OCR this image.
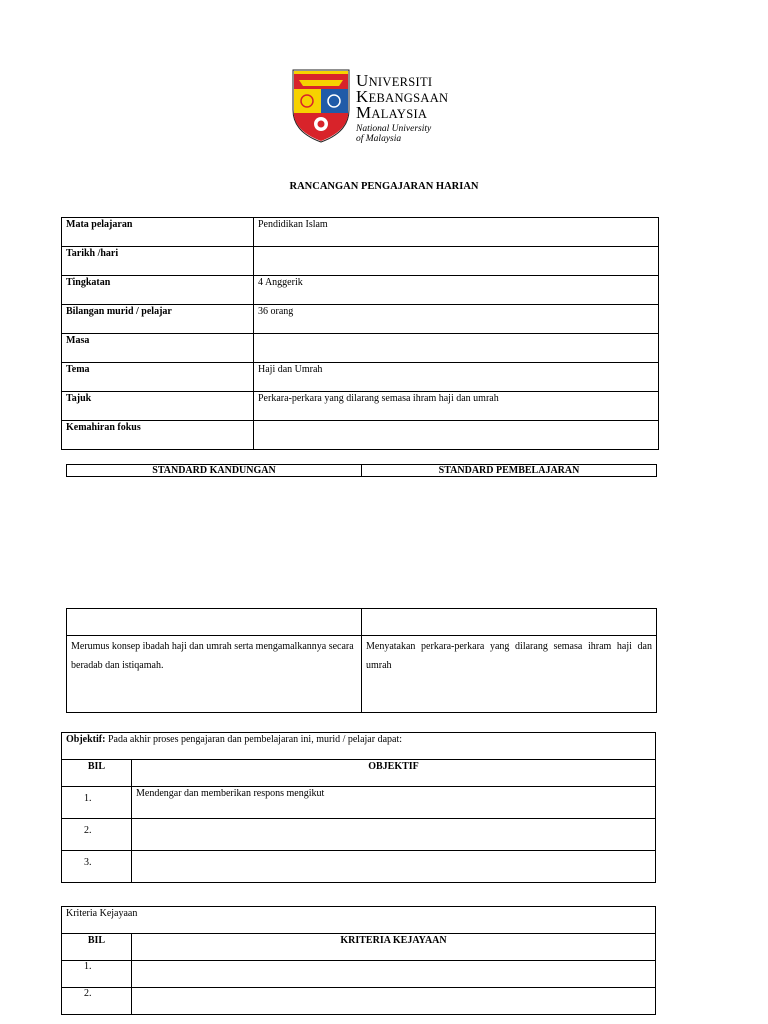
UNIVERSITI
KEBANGSAAN
MALAYSIA
National University
of Malaysia
RANCANGAN PENGAJARAN HARIAN
Mata pelajaran	Pendidikan Islam
Tarikh /hari	
Tingkatan	4 Anggerik
Bilangan murid / pelajar	36 orang
Masa	
Tema	Haji dan Umrah
Tajuk	Perkara-perkara yang dilarang semasa ihram haji dan umrah
Kemahiran fokus	
STANDARD KANDUNGAN	STANDARD PEMBELAJARAN

Merumus konsep ibadah haji dan umrah serta mengamalkannya secara beradab dan istiqamah.	Menyatakan perkara-perkara yang dilarang semasa ihram haji dan umrah
Objektif: Pada akhir proses pengajaran dan pembelajaran ini, murid / pelajar dapat:	
BIL	OBJEKTIF
1.	Mendengar dan memberikan respons mengikut
2.	
3.	
Kriteria Kejayaan	
BIL	KRITERIA KEJAYAAN
1.	
2.	
